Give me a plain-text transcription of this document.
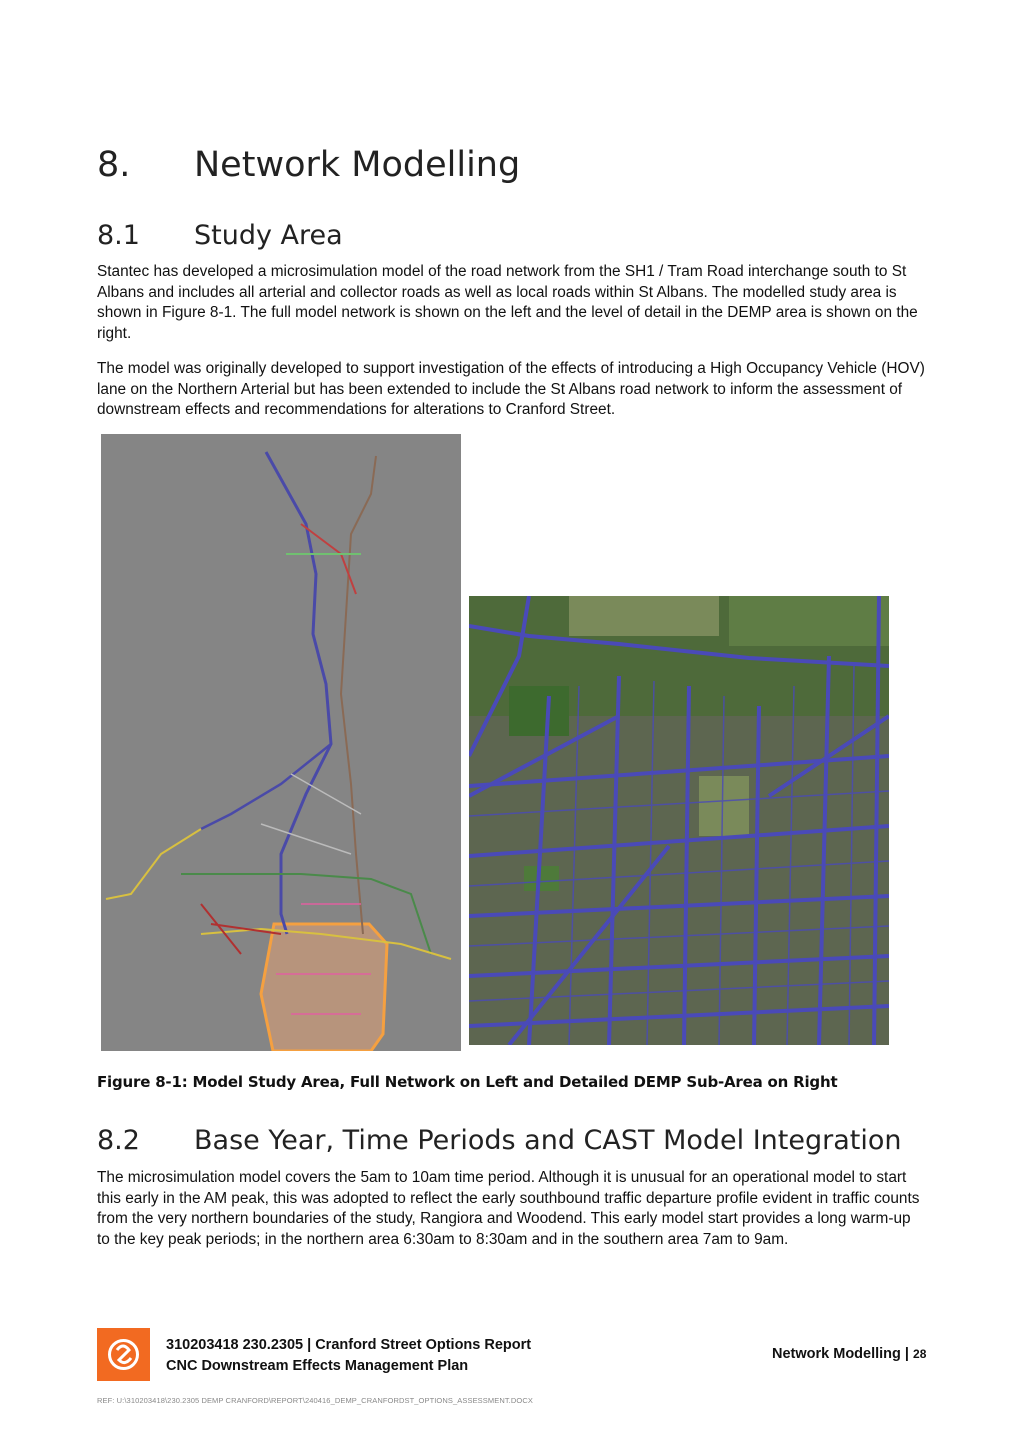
8. Network Modelling
8.1 Study Area
Stantec has developed a microsimulation model of the road network from the SH1 / Tram Road interchange south to St Albans and includes all arterial and collector roads as well as local roads within St Albans. The modelled study area is shown in Figure 8-1. The full model network is shown on the left and the level of detail in the DEMP area is shown on the right.
The model was originally developed to support investigation of the effects of introducing a High Occupancy Vehicle (HOV) lane on the Northern Arterial but has been extended to include the St Albans road network to inform the assessment of downstream effects and recommendations for alterations to Cranford Street.
Figure 8-1: Model Study Area, Full Network on Left and Detailed DEMP Sub-Area on Right
8.2 Base Year, Time Periods and CAST Model Integration
The microsimulation model covers the 5am to 10am time period. Although it is unusual for an operational model to start this early in the AM peak, this was adopted to reflect the early southbound traffic departure profile evident in traffic counts from the very northern boundaries of the study, Rangiora and Woodend. This early model start provides a long warm-up to the key peak periods; in the northern area 6:30am to 8:30am and in the southern area 7am to 9am.
310203418 230.2305 | Cranford Street Options Report
CNC Downstream Effects Management Plan
Network Modelling | 28
REF: U:\310203418\230.2305 DEMP CRANFORD\REPORT\240416_DEMP_CRANFORDST_OPTIONS_ASSESSMENT.DOCX
